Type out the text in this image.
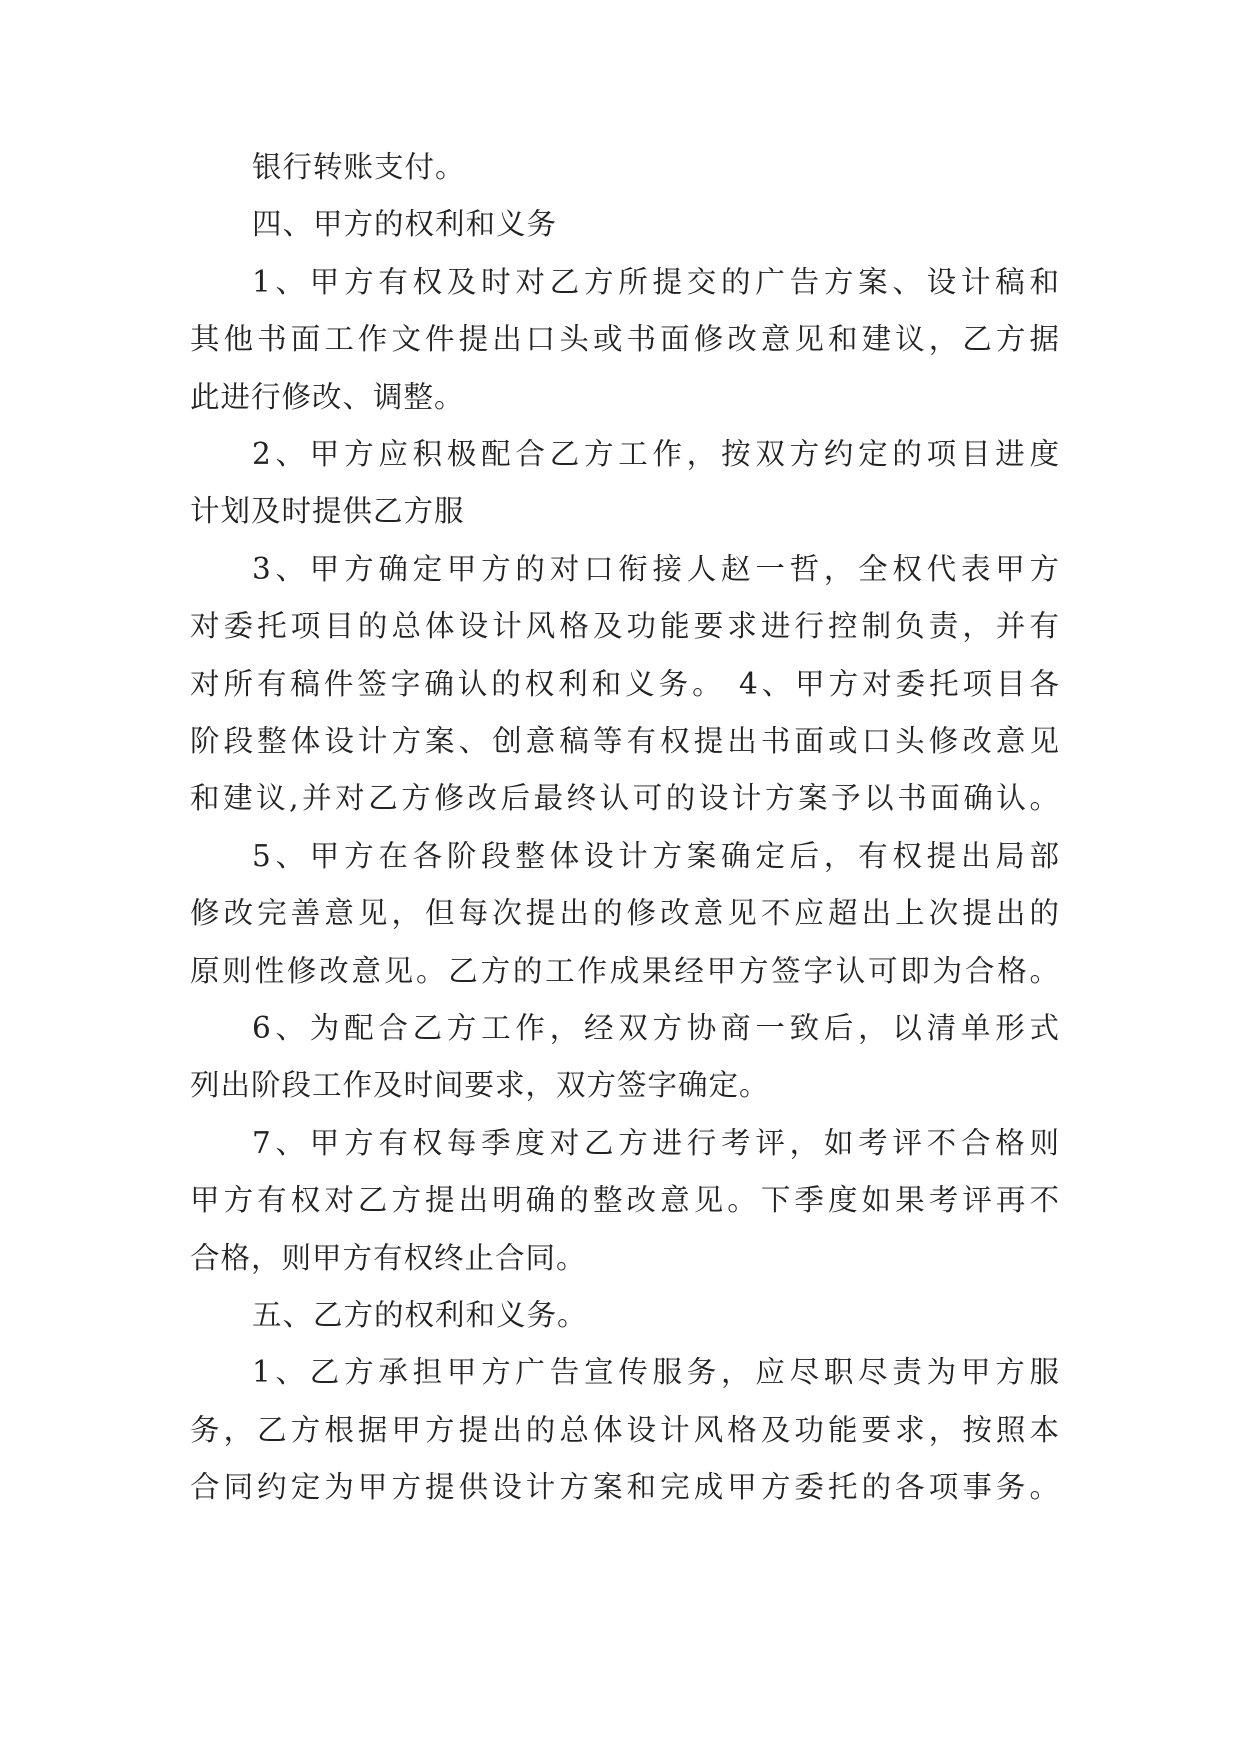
银行转账支付。
四、甲方的权利和义务
1、甲方有权及时对乙方所提交的广告方案、设计稿和
其他书面工作文件提出口头或书面修改意见和建议，乙方据
此进行修改、调整。
2、甲方应积极配合乙方工作，按双方约定的项目进度
计划及时提供乙方服
3、甲方确定甲方的对口衔接人赵一哲，全权代表甲方
对委托项目的总体设计风格及功能要求进行控制负责，并有
对所有稿件签字确认的权利和义务。 4、甲方对委托项目各
阶段整体设计方案、创意稿等有权提出书面或口头修改意见
和建议,并对乙方修改后最终认可的设计方案予以书面确认。
5、甲方在各阶段整体设计方案确定后，有权提出局部
修改完善意见，但每次提出的修改意见不应超出上次提出的
原则性修改意见。乙方的工作成果经甲方签字认可即为合格。
6、为配合乙方工作，经双方协商一致后，以清单形式
列出阶段工作及时间要求，双方签字确定。
7、甲方有权每季度对乙方进行考评，如考评不合格则
甲方有权对乙方提出明确的整改意见。下季度如果考评再不
合格，则甲方有权终止合同。
五、乙方的权利和义务。
1、乙方承担甲方广告宣传服务，应尽职尽责为甲方服
务，乙方根据甲方提出的总体设计风格及功能要求，按照本
合同约定为甲方提供设计方案和完成甲方委托的各项事务。
